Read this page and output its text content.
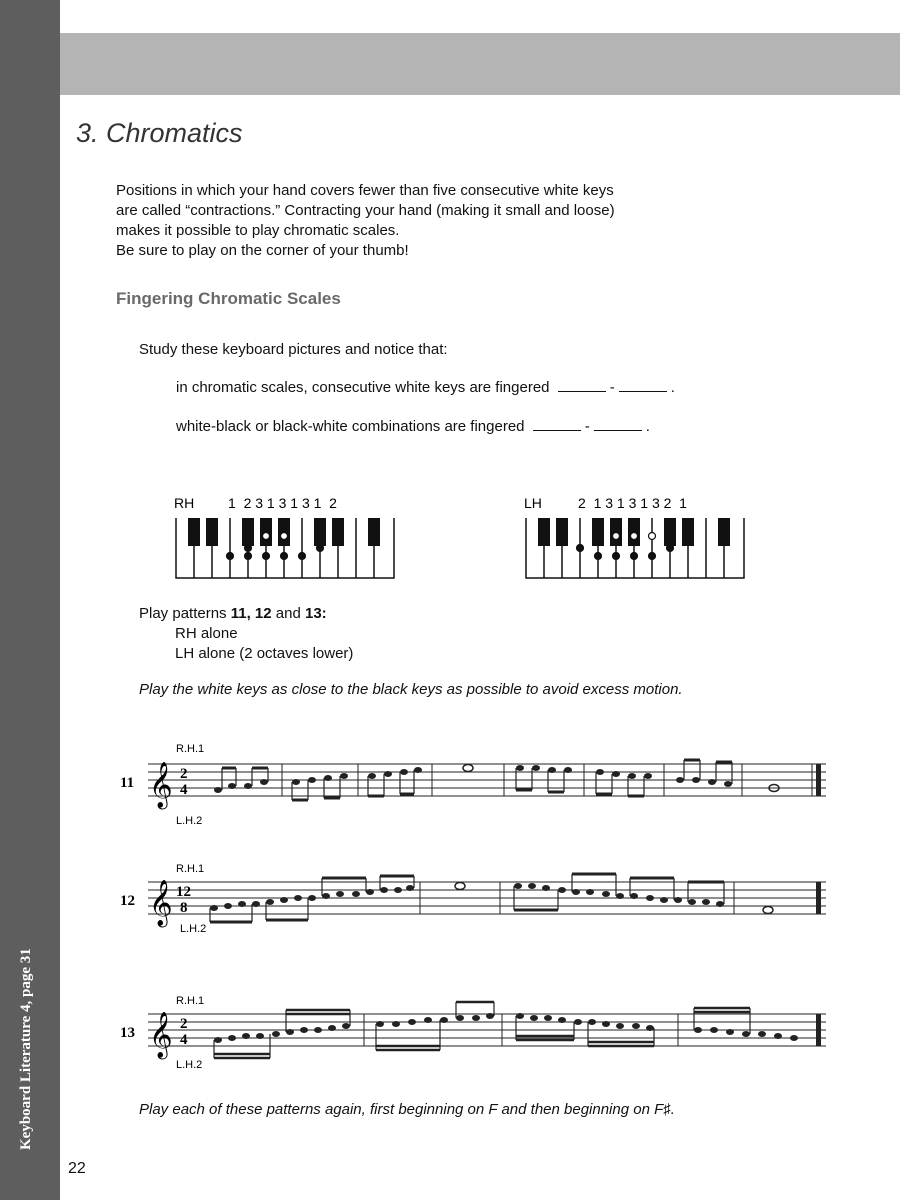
Keyboard Literature 4, page 31
22
3. Chromatics
Positions in which your hand covers fewer than five consecutive white keys
are called “contractions.” Contracting your hand (making it small and loose)
makes it possible to play chromatic scales.
Be sure to play on the corner of your thumb!
Fingering Chromatic Scales
Study these keyboard pictures and notice that:
in chromatic scales, consecutive white keys are fingered	-	.
white-black or black-white combinations are fingered	-	.
RH 1  2 3 1 3 1 3 1  2	LH	2  1 3 1 3 1 3 2  1
Play patterns 11, 12 and 13:
RH alone
LH alone (2 octaves lower)
Play the white keys as close to the black keys as possible to avoid excess motion.
11
R.H.1
L.H.2
𝄞 2
4
12
R.H.1
L.H.2
𝄞 12
8
13
R.H.1
L.H.2
𝄞 2
4
Play each of these patterns again, first beginning on F and then beginning on F♯.
